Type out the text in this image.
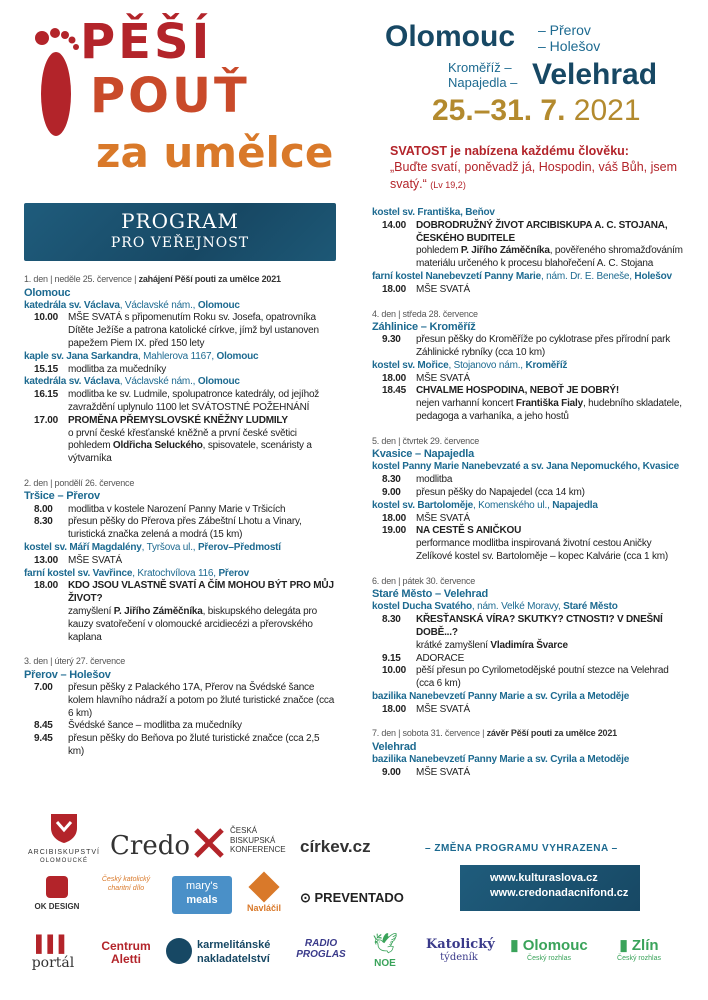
PĚŠÍ
POUŤ
za umělce
Olomouc – Přerov
– Holešov
Kroměříž –
Napajedla – Velehrad
25.–31. 7. 2021
SVATOST je nabízena každému člověku:
„Buďte svatí, poněvadž já, Hospodin, váš Bůh, jsem svatý.“ (Lv 19,2)
PROGRAM
PRO VEŘEJNOST
1. den | neděle 25. července | zahájení Pěší pouti za umělce 2021
Olomouc
katedrála sv. Václava, Václavské nám., Olomouc
10.00 MŠE SVATÁ s připomenutím Roku sv. Josefa, opatrovníka Dítěte Ježíše a patrona katolické církve, jímž byl ustanoven papežem Piem IX. před 150 lety
kaple sv. Jana Sarkandra, Mahlerova 1167, Olomouc
15.15 modlitba za mučedníky
katedrála sv. Václava, Václavské nám., Olomouc
16.15 modlitba ke sv. Ludmile, spolupatronce katedrály, od jejíhož zavraždění uplynulo 1100 let SVÁTOSTNÉ POŽEHNÁNÍ
17.00 PROMĚNA PŘEMYSLOVSKÉ KNĚŽNY LUDMILY
o první české křesťanské kněžně a první české světici pohledem Oldřicha Seluckého, spisovatele, scenáristy a výtvarníka
2. den | pondělí 26. července
Tršice – Přerov
8.00	modlitba v kostele Narození Panny Marie v Tršicích
8.30	přesun pěšky do Přerova přes Zábeštní Lhotu a Vinary, turistická značka zelená a modrá (15 km)
kostel sv. Máří Magdalény, Tyršova ul., Přerov–Předmostí
13.00 MŠE SVATÁ
farní kostel sv. Vavřince, Kratochvílova 116, Přerov
18.00 KDO JSOU VLASTNĚ SVATÍ A ČÍM MOHOU BÝT PRO MŮJ ŽIVOT?
zamyšlení P. Jiřího Záměčníka, biskupského delegáta pro kauzy svatořečení v olomoucké arcidiecézi a přerovského kaplana
3. den | úterý 27. července
Přerov – Holešov
7.00	přesun pěšky z Palackého 17A, Přerov na Švédské šance kolem hlavního nádraží a potom po žluté turistické značce (cca 6 km)
8.45	Švédské šance – modlitba za mučedníky
9.45	přesun pěšky do Beňova po žluté turistické značce (cca 2,5 km)
kostel sv. Františka, Beňov
14.00 DOBRODRUŽNÝ ŽIVOT ARCIBISKUPA A. C. STOJANA, ČESKÉHO BUDITELE
pohledem P. Jiřího Záměčníka, pověřeného shromažďováním materiálu určeného k procesu blahořečení A. C. Stojana
farní kostel Nanebevzetí Panny Marie, nám. Dr. E. Beneše, Holešov
18.00 MŠE SVATÁ
4. den | středa 28. července
Záhlinice – Kroměříž
9.30	přesun pěšky do Kroměříže po cyklotrase přes přírodní park Záhlinické rybníky (cca 10 km)
kostel sv. Mořice, Stojanovo nám., Kroměříž
18.00 MŠE SVATÁ
18.45 CHVALME HOSPODINA, NEBOŤ JE DOBRÝ!
nejen varhanní koncert Františka Fialy, hudebního skladatele, pedagoga a varhaníka, a jeho hostů
5. den | čtvrtek 29. července
Kvasice – Napajedla
kostel Panny Marie Nanebevzaté a sv. Jana Nepomuckého, Kvasice
8.30	modlitba
9.00	přesun pěšky do Napajedel (cca 14 km)
kostel sv. Bartoloměje, Komenského ul., Napajedla
18.00 MŠE SVATÁ
19.00 NA CESTĚ S ANIČKOU
performance modlitba inspirovaná životní cestou Aničky Zelíkové kostel sv. Bartoloměje – kopec Kalvárie (cca 1 km)
6. den | pátek 30. července
Staré Město – Velehrad
kostel Ducha Svatého, nám. Velké Moravy, Staré Město
8.30	KŘESŤANSKÁ VÍRA? SKUTKY? CTNOSTI? V DNEŠNÍ DOBĚ...?
krátké zamyšlení Vladimíra Švarce
9.15	ADORACE
10.00 pěší přesun po Cyrilometodějské poutní stezce na Velehrad (cca 6 km)
bazilika Nanebevzetí Panny Marie a sv. Cyrila a Metoděje
18.00 MŠE SVATÁ
7. den | sobota 31. července | závěr Pěší pouti za umělce 2021
Velehrad
bazilika Nanebevzetí Panny Marie a sv. Cyrila a Metoděje
9.00	MŠE SVATÁ
– ZMĚNA PROGRAMU VYHRAZENA –
www.kulturaslova.cz
www.credonadacnifond.cz
ARCIBISKUPSTVÍ
OLOMOUCKÉ Credo
ČESKÁ
BISKUPSKÁ
KONFERENCE církev.cz
OK DESIGN
Český katolický charitní dílo	mary's
meals
Navláčil
⊙ PREVENTADO
▌▌▌
portál
Centrum
Aletti
karmelitánské
nakladatelství
RADIO
PROGLAS	🕊
NOE
Katolický
týdeník
▮ Olomouc
Český rozhlas
▮ Zlín
Český rozhlas
